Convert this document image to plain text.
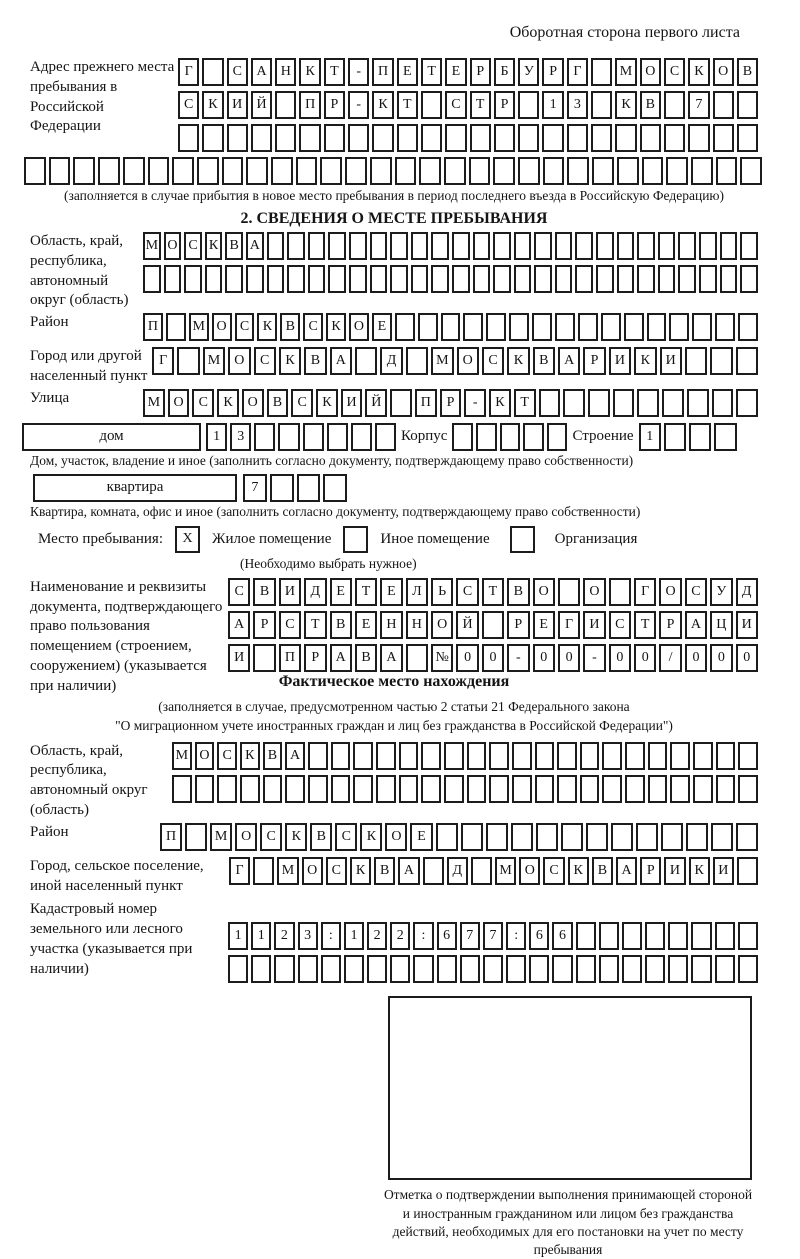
Оборотная сторона первого листа
Адрес прежнего места пребывания в Российской Федерации
Г	С	А	Н	К	Т	-	П	Е	Т	Е	Р	Б	У	Р	Г	М О	С	К	О	В
С	К	И	Й	П	Р	-	К	Т	С	Т	Р	1	3	К	В	7
(заполняется в случае прибытия в новое место пребывания в период последнего въезда в Российскую Федерацию)
2. СВЕДЕНИЯ О МЕСТЕ ПРЕБЫВАНИЯ
Область, край, республика, автономный округ (область)
М О С К В А
Район	П	М О С К В С К О Е
Город или другой населенный пункт
Г	М	О	С	К	В	А	Д	М	О	С	К	В	А	Р	И	К	И
Улица	М О	С	К	О	В	С	К	И	Й	П	Р	-	К	Т
дом	1	3	Корпус	Строение 1
Дом, участок, владение и иное (заполнить согласно документу, подтверждающему право собственности)
квартира	7
Квартира, комната, офис и иное (заполнить согласно документу, подтверждающему право собственности)
Место пребывания:	X	Жилое помещение	Иное помещение	Организация
(Необходимо выбрать нужное)
Наименование и реквизиты документа, подтверждающего право пользования помещением (строением, сооружением) (указывается при наличии)
С	В	И	Д	Е	Т	Е	Л	Ь	С	Т	В	О	О	Г	О	С	У	Д
А	Р	С	Т	В	Е	Н	Н	О	Й	Р	Е	Г	И	С	Т	Р	А	Ц	И
И	П	Р	А	В	А	№	0	0	-	0	0	-	0	0	/	0	0	0
Фактическое место нахождения
(заполняется в случае, предусмотренном частью 2 статьи 21 Федерального закона
"О миграционном учете иностранных граждан и лиц без гражданства в Российской Федерации")
Область, край, республика, автономный округ (область)
М О С К В А
Район	П	М О	С	К	В	С	К	О	Е
Город, сельское поселение, иной населенный пункт
Г	М О	С	К	В	А	Д	М О	С	К	В	А	Р	И	К	И
Кадастровый номер земельного или лесного участка (указывается при наличии)
1	1	2	3	:	1	2	2	:	6	7	7	:	6	6
Отметка о подтверждении выполнения принимающей стороной и иностранным гражданином или лицом без гражданства действий, необходимых для его постановки на учет по месту пребывания
